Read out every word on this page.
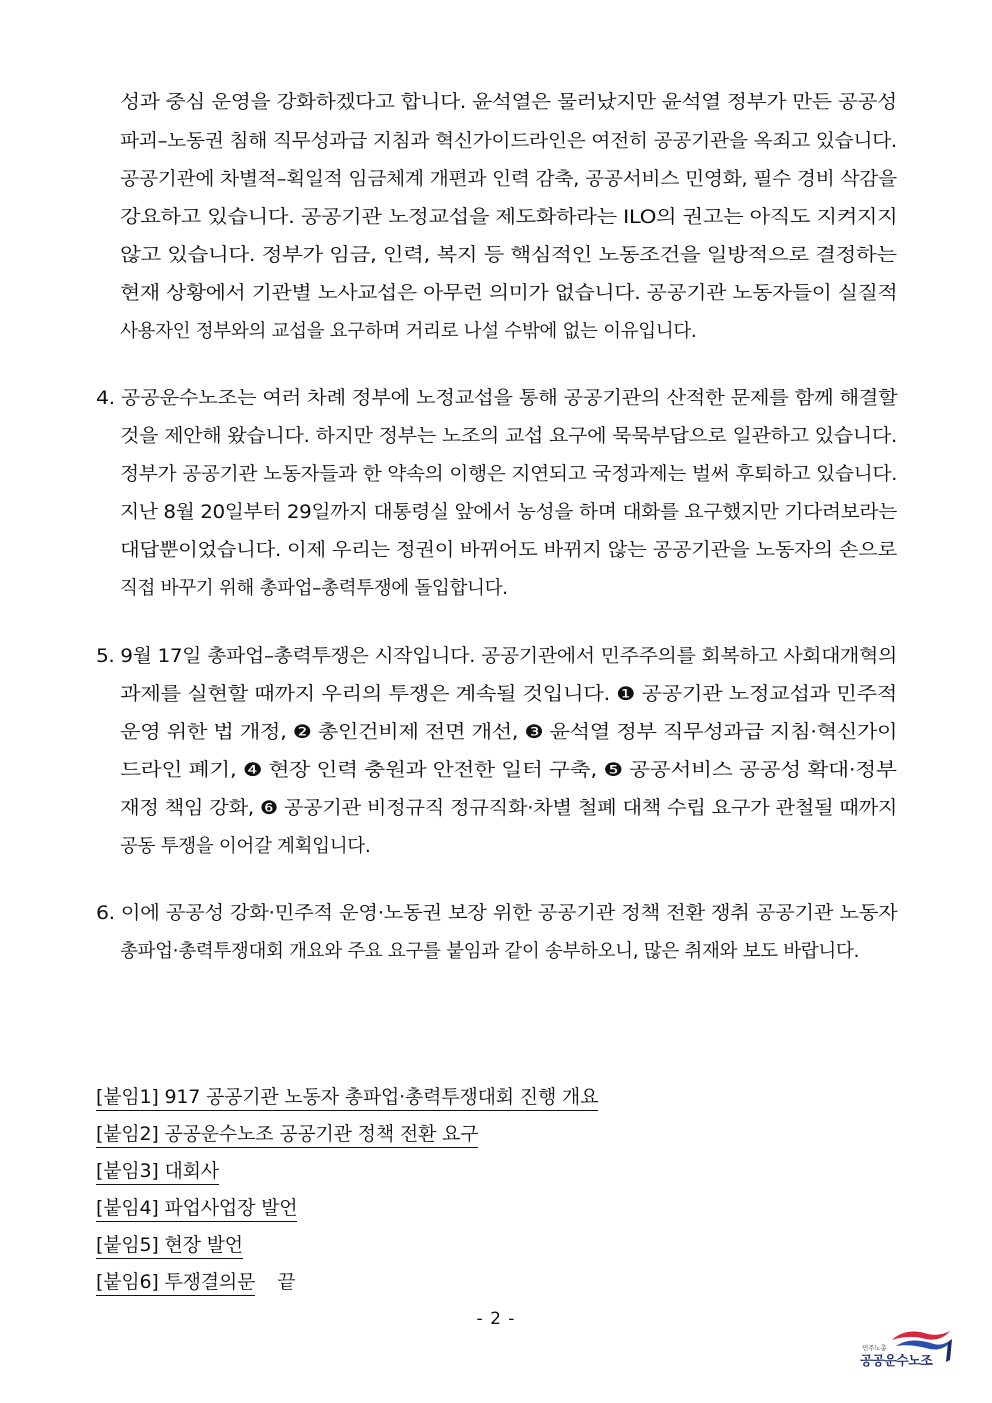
성과 중심 운영을 강화하겠다고 합니다. 윤석열은 물러났지만 윤석열 정부가 만든 공공성
파괴–노동권 침해 직무성과급 지침과 혁신가이드라인은 여전히 공공기관을 옥죄고 있습니다.
공공기관에 차별적–획일적 임금체계 개편과 인력 감축, 공공서비스 민영화, 필수 경비 삭감을
강요하고 있습니다. 공공기관 노정교섭을 제도화하라는 ILO의 권고는 아직도 지켜지지
않고 있습니다. 정부가 임금, 인력, 복지 등 핵심적인 노동조건을 일방적으로 결정하는
현재 상황에서 기관별 노사교섭은 아무런 의미가 없습니다. 공공기관 노동자들이 실질적
사용자인 정부와의 교섭을 요구하며 거리로 나설 수밖에 없는 이유입니다.
4. 공공운수노조는 여러 차례 정부에 노정교섭을 통해 공공기관의 산적한 문제를 함께 해결할
것을 제안해 왔습니다. 하지만 정부는 노조의 교섭 요구에 묵묵부답으로 일관하고 있습니다.
정부가 공공기관 노동자들과 한 약속의 이행은 지연되고 국정과제는 벌써 후퇴하고 있습니다.
지난 8월 20일부터 29일까지 대통령실 앞에서 농성을 하며 대화를 요구했지만 기다려보라는
대답뿐이었습니다. 이제 우리는 정권이 바뀌어도 바뀌지 않는 공공기관을 노동자의 손으로
직접 바꾸기 위해 총파업–총력투쟁에 돌입합니다.
5. 9월 17일 총파업–총력투쟁은 시작입니다. 공공기관에서 민주주의를 회복하고 사회대개혁의
과제를 실현할 때까지 우리의 투쟁은 계속될 것입니다. ❶ 공공기관 노정교섭과 민주적
운영 위한 법 개정, ❷ 총인건비제 전면 개선, ❸ 윤석열 정부 직무성과급 지침·혁신가이
드라인 폐기, ❹ 현장 인력 충원과 안전한 일터 구축, ❺ 공공서비스 공공성 확대·정부
재정 책임 강화, ❻ 공공기관 비정규직 정규직화·차별 철폐 대책 수립 요구가 관철될 때까지
공동 투쟁을 이어갈 계획입니다.
6. 이에 공공성 강화·민주적 운영·노동권 보장 위한 공공기관 정책 전환 쟁취 공공기관 노동자
총파업·총력투쟁대회 개요와 주요 요구를 붙임과 같이 송부하오니, 많은 취재와 보도 바랍니다.
[붙임1] 917 공공기관 노동자 총파업·총력투쟁대회 진행 개요
[붙임2] 공공운수노조 공공기관 정책 전환 요구
[붙임3] 대회사
[붙임4] 파업사업장 발언
[붙임5] 현장 발언
[붙임6] 투쟁결의문 끝
- 2 -
민주노총
공공운수노조
